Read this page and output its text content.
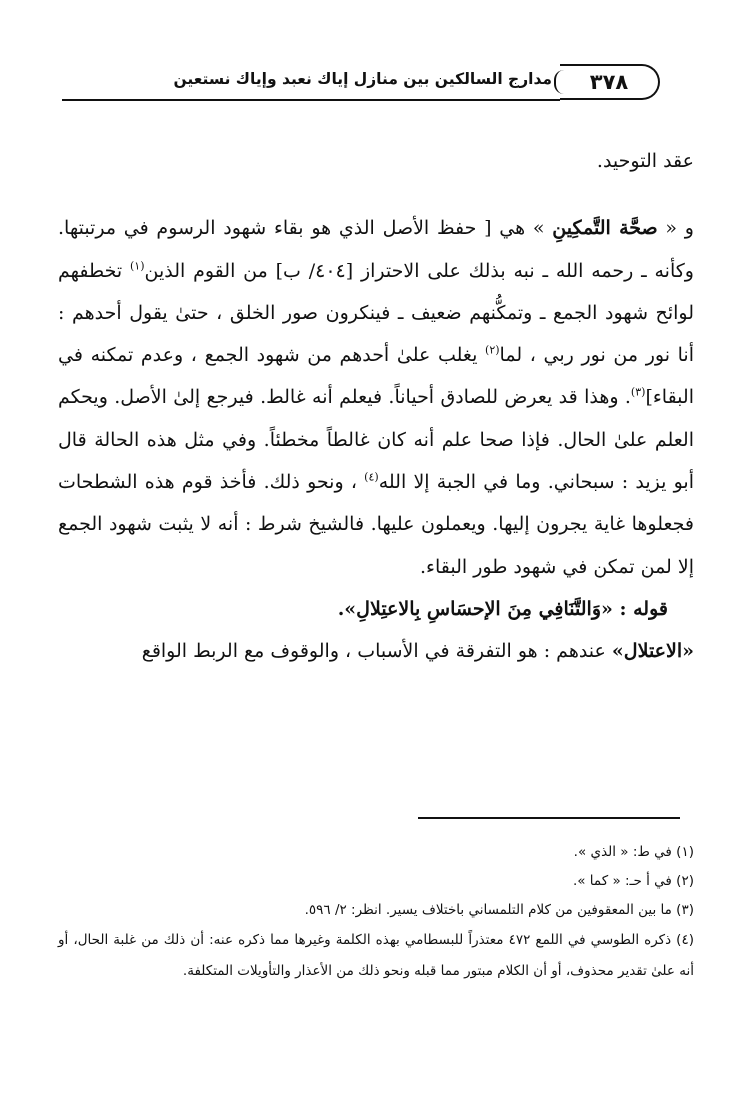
٣٧٨
مدارج السالكين بين منازل إياك نعبد وإياك نستعين

عقد التوحيد.

و « صحَّة التَّمكِينِ » هي [ حفظ الأصل الذي هو بقاء شهود الرسوم في مرتبتها. وكأنه ـ رحمه الله ـ نبه بذلك على الاحتراز [٤٠٤/ ب] من القوم الذين$^{(١)}$ تخطفهم لوائح شهود الجمع ـ وتمكُّنهم ضعيف ـ فينكرون صور الخلق ، حتىٰ يقول أحدهم : أنا نور من نور ربي ، لما$^{(٢)}$ يغلب علىٰ أحدهم من شهود الجمع ، وعدم تمكنه في البقاء]$^{(٣)}$. وهذا قد يعرض للصادق أحياناً. فيعلم أنه غالط. فيرجع إلىٰ الأصل. ويحكم العلم علىٰ الحال. فإذا صحا علم أنه كان غالطاً مخطئاً. وفي مثل هذه الحالة قال أبو يزيد : سبحاني. وما في الجبة إلا الله$^{(٤)}$ ، ونحو ذلك. فأخذ قوم هذه الشطحات فجعلوها غاية يجرون إليها. ويعملون عليها. فالشيخ شرط : أنه لا يثبت شهود الجمع إلا لمن تمكن في شهود طور البقاء.

قوله : «وَالتَّنَافِي مِنَ الإحسَاسِ بِالاعتِلالِ».

«الاعتلال» عندهم : هو التفرقة في الأسباب ، والوقوف مع الربط الواقع

(١) في ط: « الذي ».

(٢) في أ حـ: « كما ».

(٣) ما بين المعقوفين من كلام التلمساني باختلاف يسير. انظر: ٢/ ٥٩٦.

(٤) ذكره الطوسي في اللمع ٤٧٢ معتذراً للبسطامي بهذه الكلمة وغيرها مما ذكره عنه: أن ذلك من غلبة الحال، أو أنه علىٰ تقدير محذوف، أو أن الكلام مبتور مما قبله ونحو ذلك من الأعذار والتأويلات المتكلفة.
